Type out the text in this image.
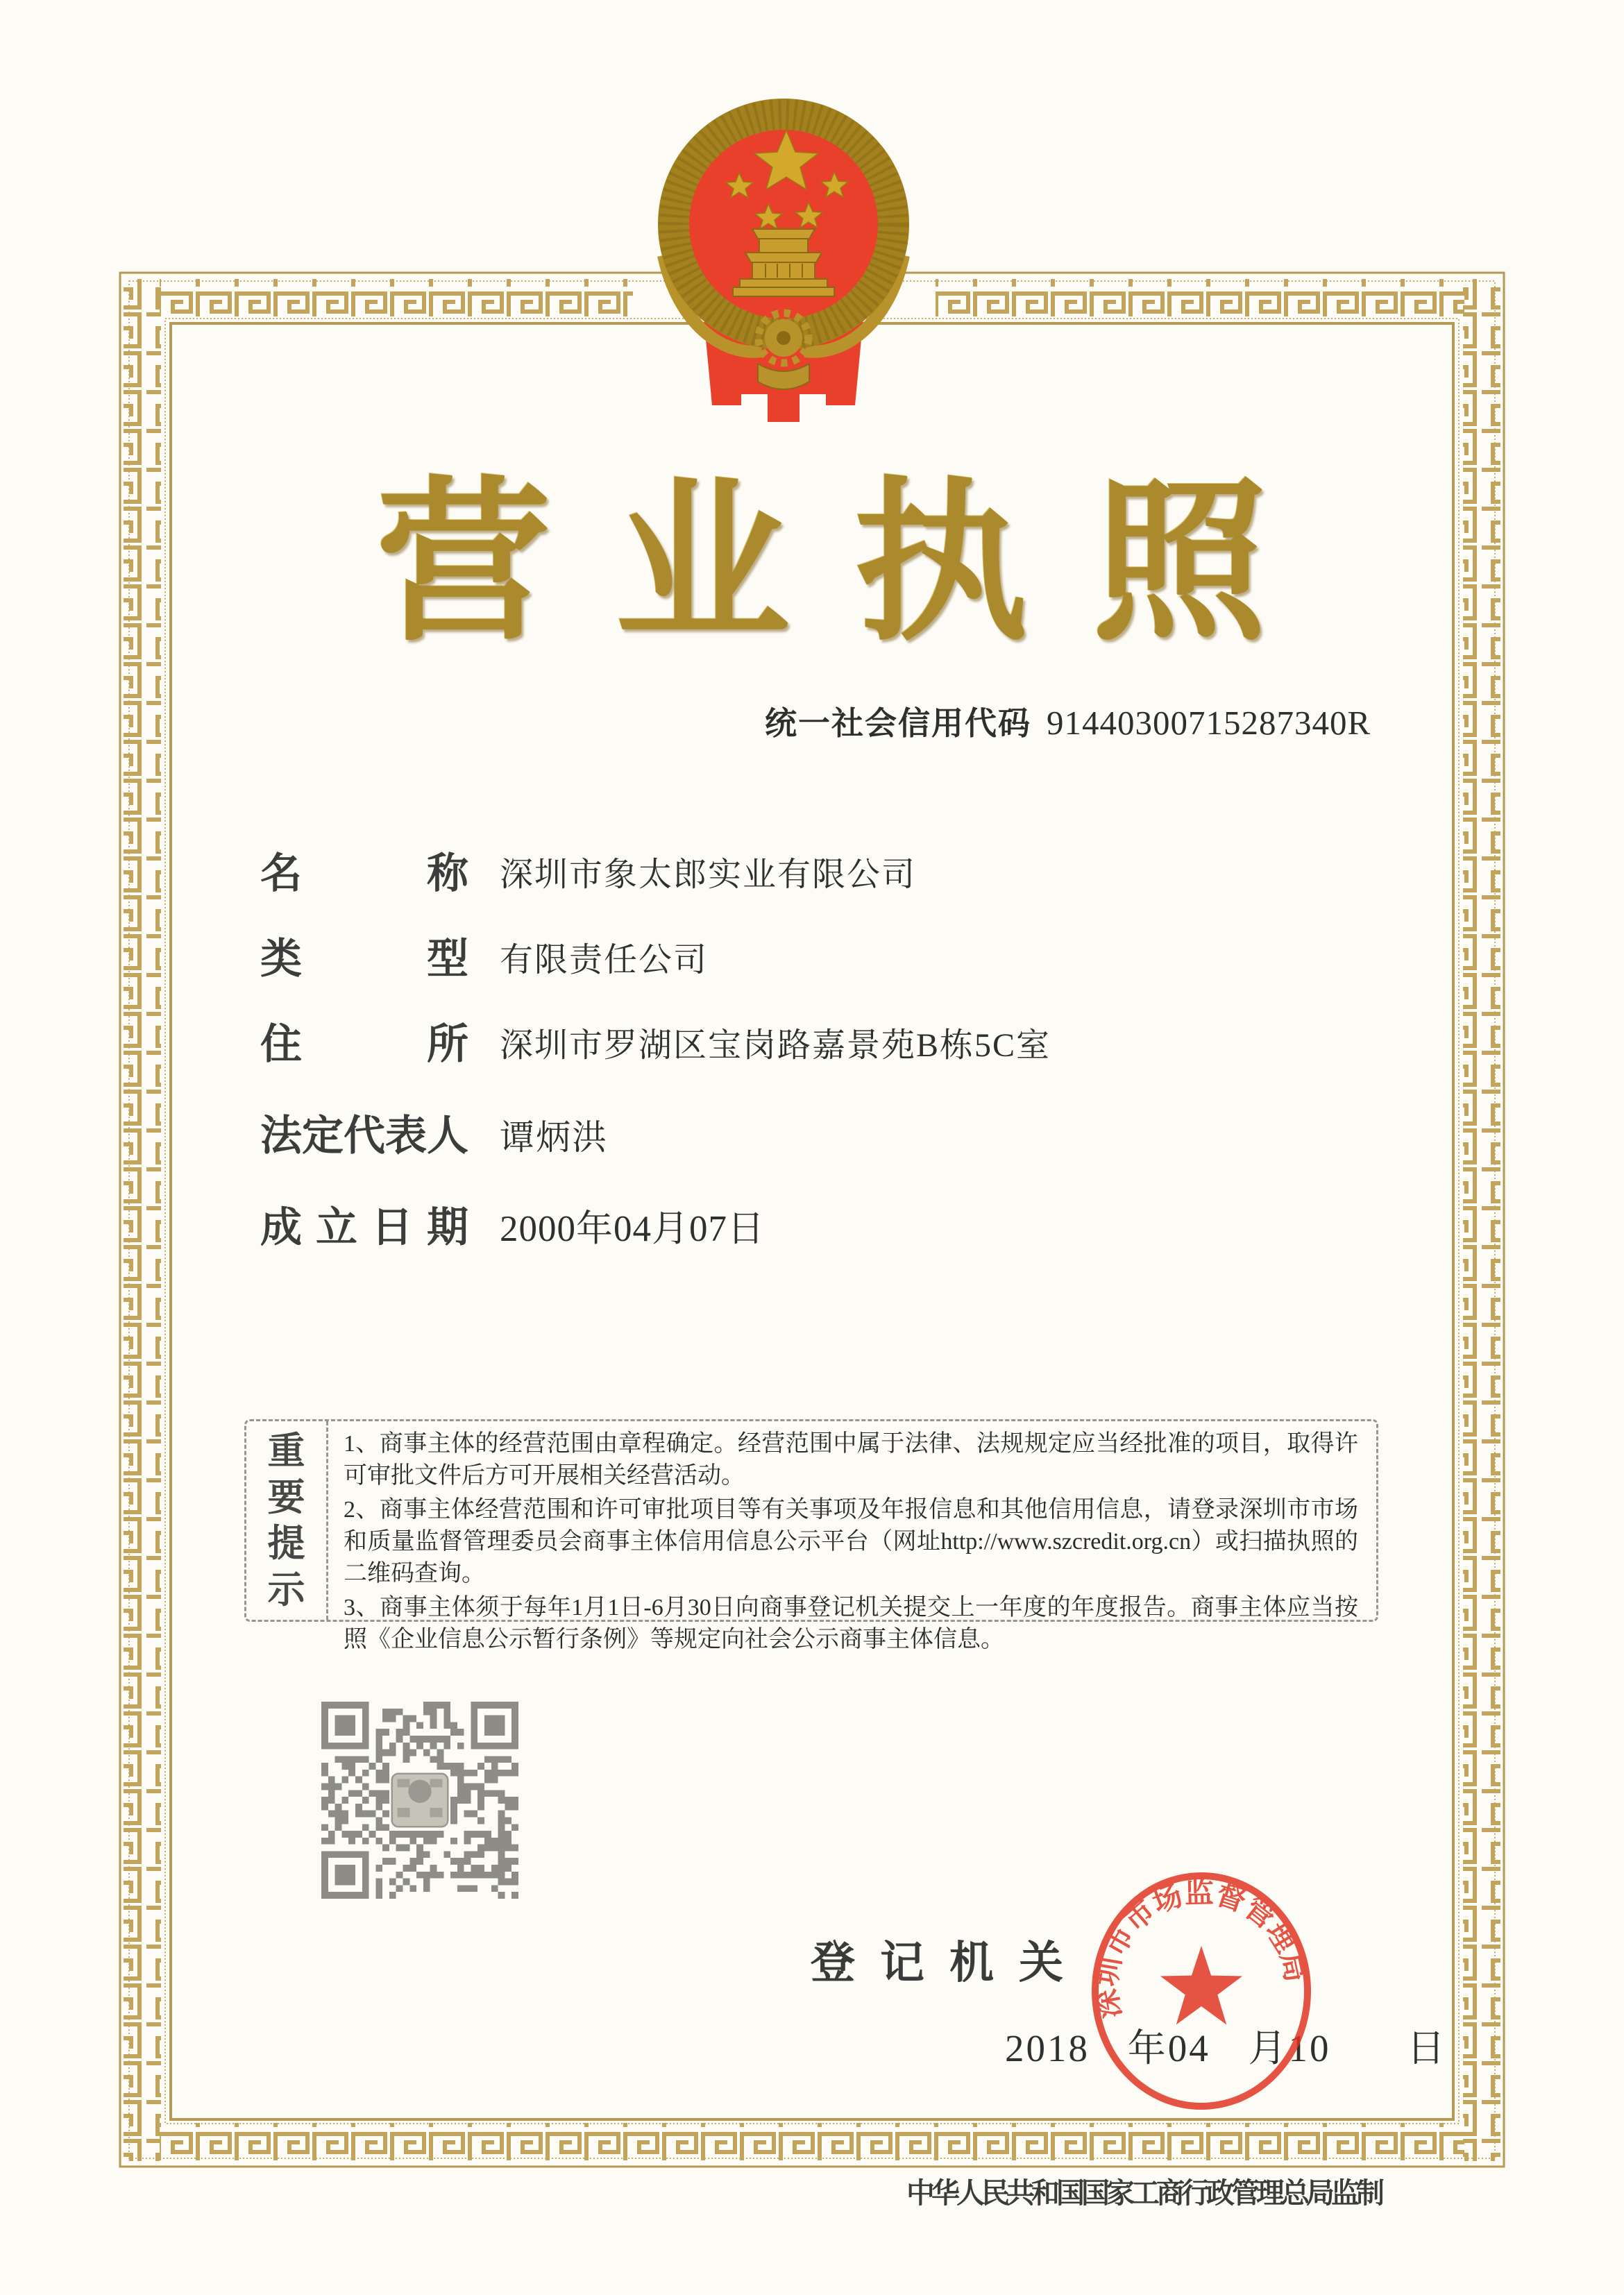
营业执照
统一社会信用代码 91440300715287340R
名	称 深圳市象太郎实业有限公司
类	型 有限责任公司
住	所 深圳市罗湖区宝岗路嘉景苑B栋5C室
法 定 代 表 人 谭炳洪
成 立 日 期 2000年04月07日
重
要
提
示

1、商事主体的经营范围由章程确定。经营范围中属于法律、法规规定应当经批准的项目，取得许可审批文件后方可开展相关经营活动。

2、商事主体经营范围和许可审批项目等有关事项及年报信息和其他信用信息，请登录深圳市市场和质量监督管理委员会商事主体信用信息公示平台（网址http://www.szcredit.org.cn）或扫描执照的二维码查询。

3、商事主体须于每年1月1日-6月30日向商事登记机关提交上一年度的年度报告。商事主体应当按照《企业信息公示暂行条例》等规定向社会公示商事主体信息。

登记机关
2018 年04 月10  日
深圳市市场监督管理局
中华人民共和国国家工商行政管理总局监制
